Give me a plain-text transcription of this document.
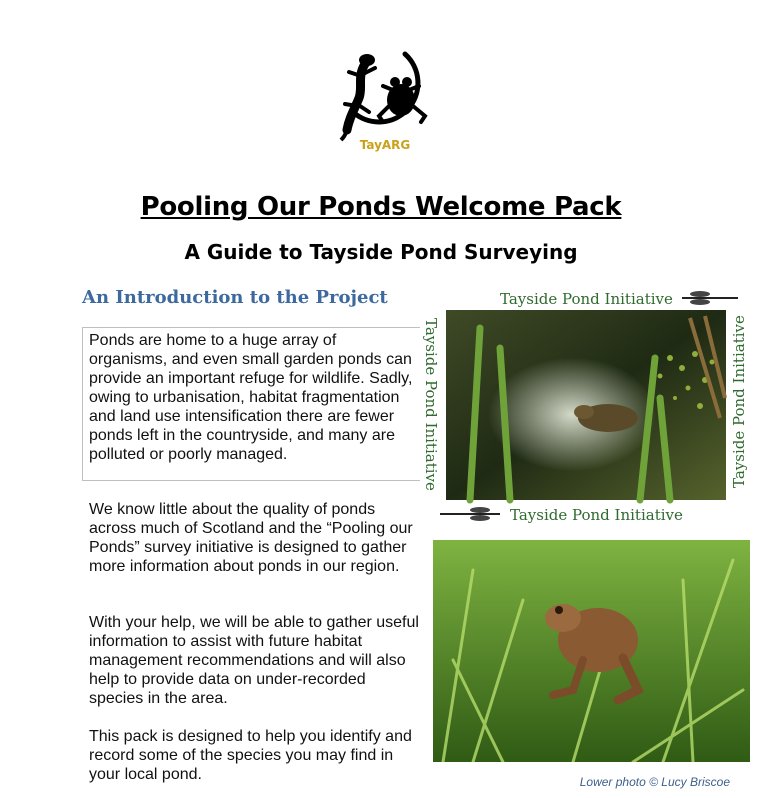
TayARG
Pooling Our Ponds Welcome Pack
A Guide to Tayside Pond Surveying
An Introduction to the Project
Ponds are home to a huge array of organisms, and even small garden ponds can provide an important refuge for wildlife. Sadly, owing to urbanisation, habitat fragmentation and land use intensification there are fewer ponds left in the countryside, and many are polluted or poorly managed.
We know little about the quality of ponds across much of Scotland and the “Pooling our Ponds” survey initiative is designed to gather more information about ponds in our region.
With your help, we will be able to gather useful information to assist with future habitat management recommendations and will also help to provide data on under-recorded species in the area.
This pack is designed to help you identify and record some of the species you may find in your local pond.
Tayside Pond Initiative
Tayside Pond Initiative
Tayside Pond Initiative	Tayside Pond Initiative
Lower photo © Lucy Briscoe
